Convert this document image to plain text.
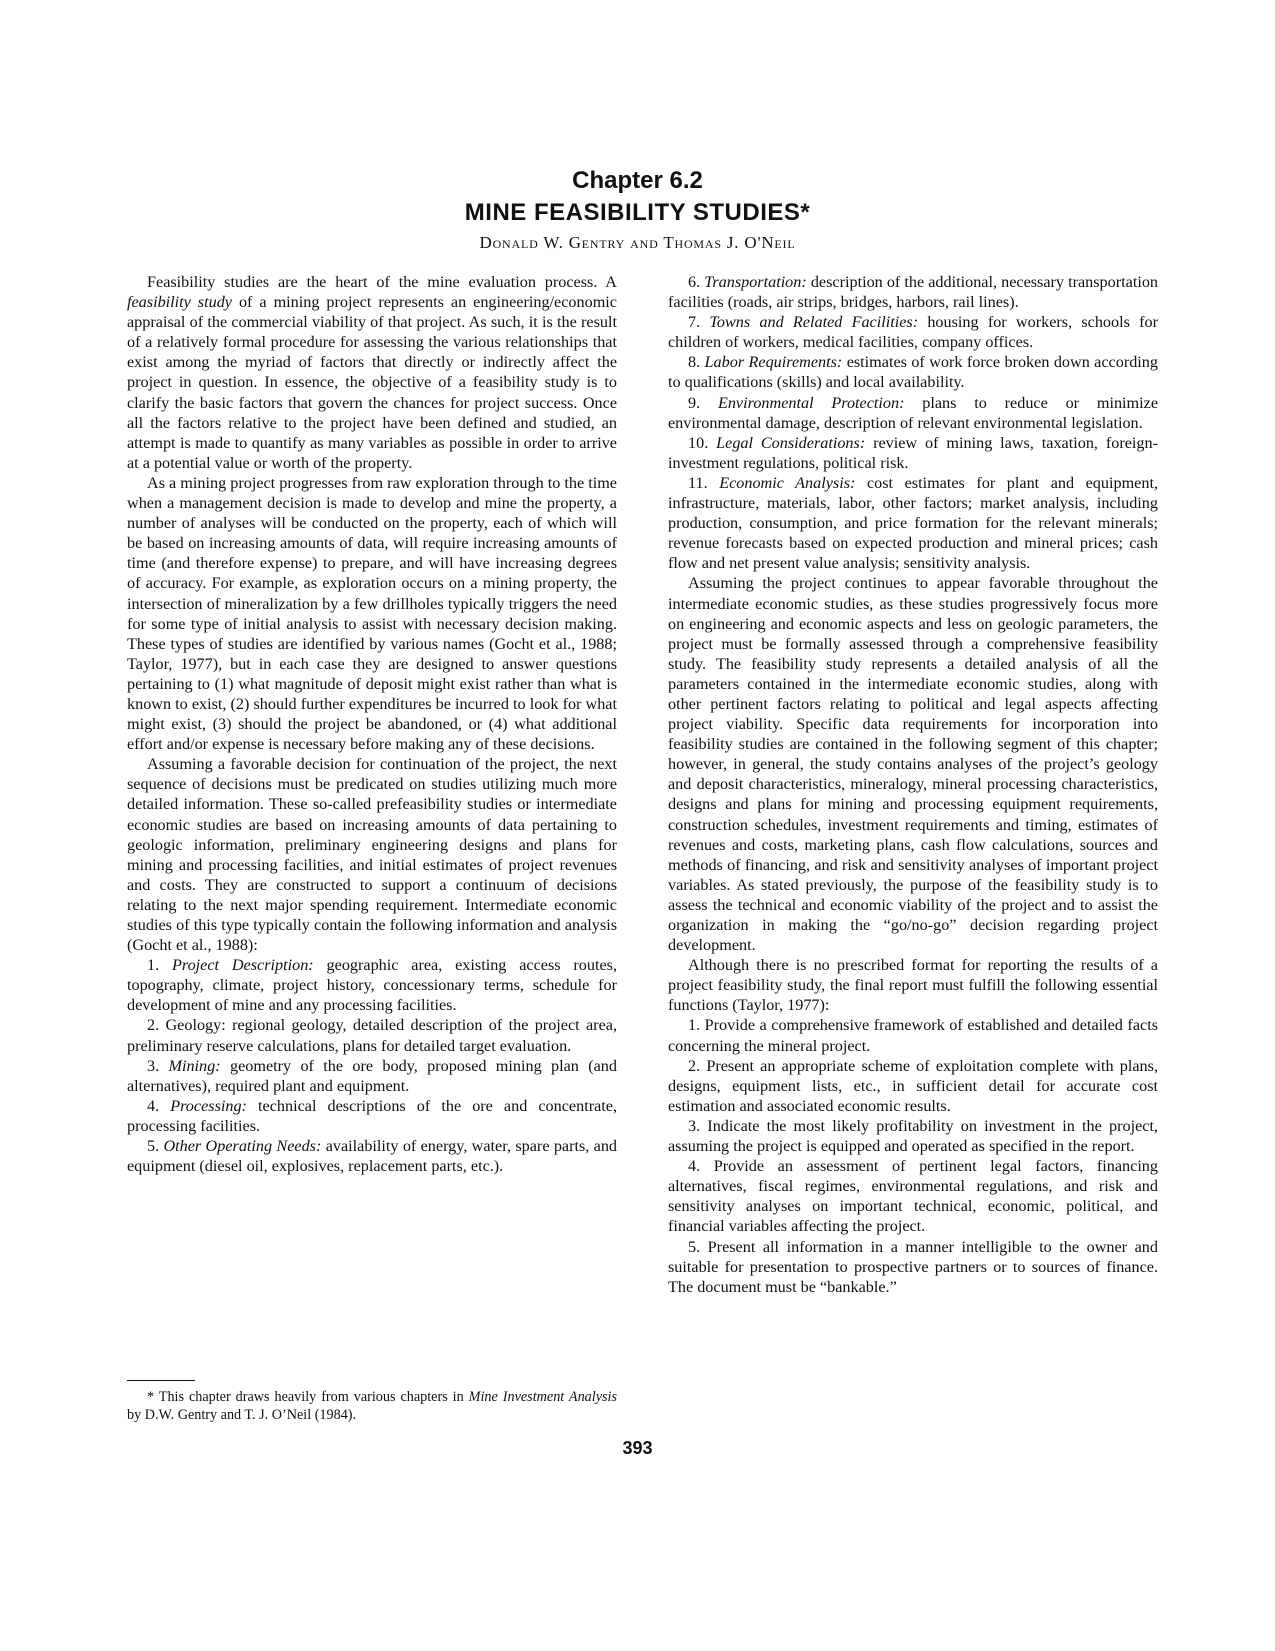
Chapter 6.2
MINE FEASIBILITY STUDIES*
Donald W. Gentry and Thomas J. O'Neil

Feasibility studies are the heart of the mine evaluation process. A feasibility study of a mining project represents an engineering/economic appraisal of the commercial viability of that project. As such, it is the result of a relatively formal procedure for assessing the various relationships that exist among the myriad of factors that directly or indirectly affect the project in question. In essence, the objective of a feasibility study is to clarify the basic factors that govern the chances for project success. Once all the factors relative to the project have been defined and studied, an attempt is made to quantify as many variables as possible in order to arrive at a potential value or worth of the property.

As a mining project progresses from raw exploration through to the time when a management decision is made to develop and mine the property, a number of analyses will be conducted on the property, each of which will be based on increasing amounts of data, will require increasing amounts of time (and therefore expense) to prepare, and will have increasing degrees of accuracy. For example, as exploration occurs on a mining property, the intersection of mineralization by a few drillholes typically triggers the need for some type of initial analysis to assist with necessary decision making. These types of studies are identified by various names (Gocht et al., 1988; Taylor, 1977), but in each case they are designed to answer questions pertaining to (1) what magnitude of deposit might exist rather than what is known to exist, (2) should further expenditures be incurred to look for what might exist, (3) should the project be abandoned, or (4) what additional effort and/or expense is necessary before making any of these decisions.

Assuming a favorable decision for continuation of the project, the next sequence of decisions must be predicated on studies utilizing much more detailed information. These so-called prefeasibility studies or intermediate economic studies are based on increasing amounts of data pertaining to geologic information, preliminary engineering designs and plans for mining and processing facilities, and initial estimates of project revenues and costs. They are constructed to support a continuum of decisions relating to the next major spending requirement. Intermediate economic studies of this type typically contain the following information and analysis (Gocht et al., 1988):

1. Project Description: geographic area, existing access routes, topography, climate, project history, concessionary terms, schedule for development of mine and any processing facilities.
2. Geology: regional geology, detailed description of the project area, preliminary reserve calculations, plans for detailed target evaluation.
3. Mining: geometry of the ore body, proposed mining plan (and alternatives), required plant and equipment.
4. Processing: technical descriptions of the ore and concentrate, processing facilities.
5. Other Operating Needs: availability of energy, water, spare parts, and equipment (diesel oil, explosives, replacement parts, etc.).
6. Transportation: description of the additional, necessary transportation facilities (roads, air strips, bridges, harbors, rail lines).
7. Towns and Related Facilities: housing for workers, schools for children of workers, medical facilities, company offices.
8. Labor Requirements: estimates of work force broken down according to qualifications (skills) and local availability.
9. Environmental Protection: plans to reduce or minimize environmental damage, description of relevant environmental legislation.
10. Legal Considerations: review of mining laws, taxation, foreign-investment regulations, political risk.
11. Economic Analysis: cost estimates for plant and equipment, infrastructure, materials, labor, other factors; market analysis, including production, consumption, and price formation for the relevant minerals; revenue forecasts based on expected production and mineral prices; cash flow and net present value analysis; sensitivity analysis.

Assuming the project continues to appear favorable throughout the intermediate economic studies, as these studies progressively focus more on engineering and economic aspects and less on geologic parameters, the project must be formally assessed through a comprehensive feasibility study. The feasibility study represents a detailed analysis of all the parameters contained in the intermediate economic studies, along with other pertinent factors relating to political and legal aspects affecting project viability. Specific data requirements for incorporation into feasibility studies are contained in the following segment of this chapter; however, in general, the study contains analyses of the project’s geology and deposit characteristics, mineralogy, mineral processing characteristics, designs and plans for mining and processing equipment requirements, construction schedules, investment requirements and timing, estimates of revenues and costs, marketing plans, cash flow calculations, sources and methods of financing, and risk and sensitivity analyses of important project variables. As stated previously, the purpose of the feasibility study is to assess the technical and economic viability of the project and to assist the organization in making the “go/no-go” decision regarding project development.

Although there is no prescribed format for reporting the results of a project feasibility study, the final report must fulfill the following essential functions (Taylor, 1977):

1. Provide a comprehensive framework of established and detailed facts concerning the mineral project.
2. Present an appropriate scheme of exploitation complete with plans, designs, equipment lists, etc., in sufficient detail for accurate cost estimation and associated economic results.
3. Indicate the most likely profitability on investment in the project, assuming the project is equipped and operated as specified in the report.
4. Provide an assessment of pertinent legal factors, financing alternatives, fiscal regimes, environmental regulations, and risk and sensitivity analyses on important technical, economic, political, and financial variables affecting the project.
5. Present all information in a manner intelligible to the owner and suitable for presentation to prospective partners or to sources of finance. The document must be “bankable.”
* This chapter draws heavily from various chapters in Mine Investment Analysis by D.W. Gentry and T. J. O’Neil (1984).
393
